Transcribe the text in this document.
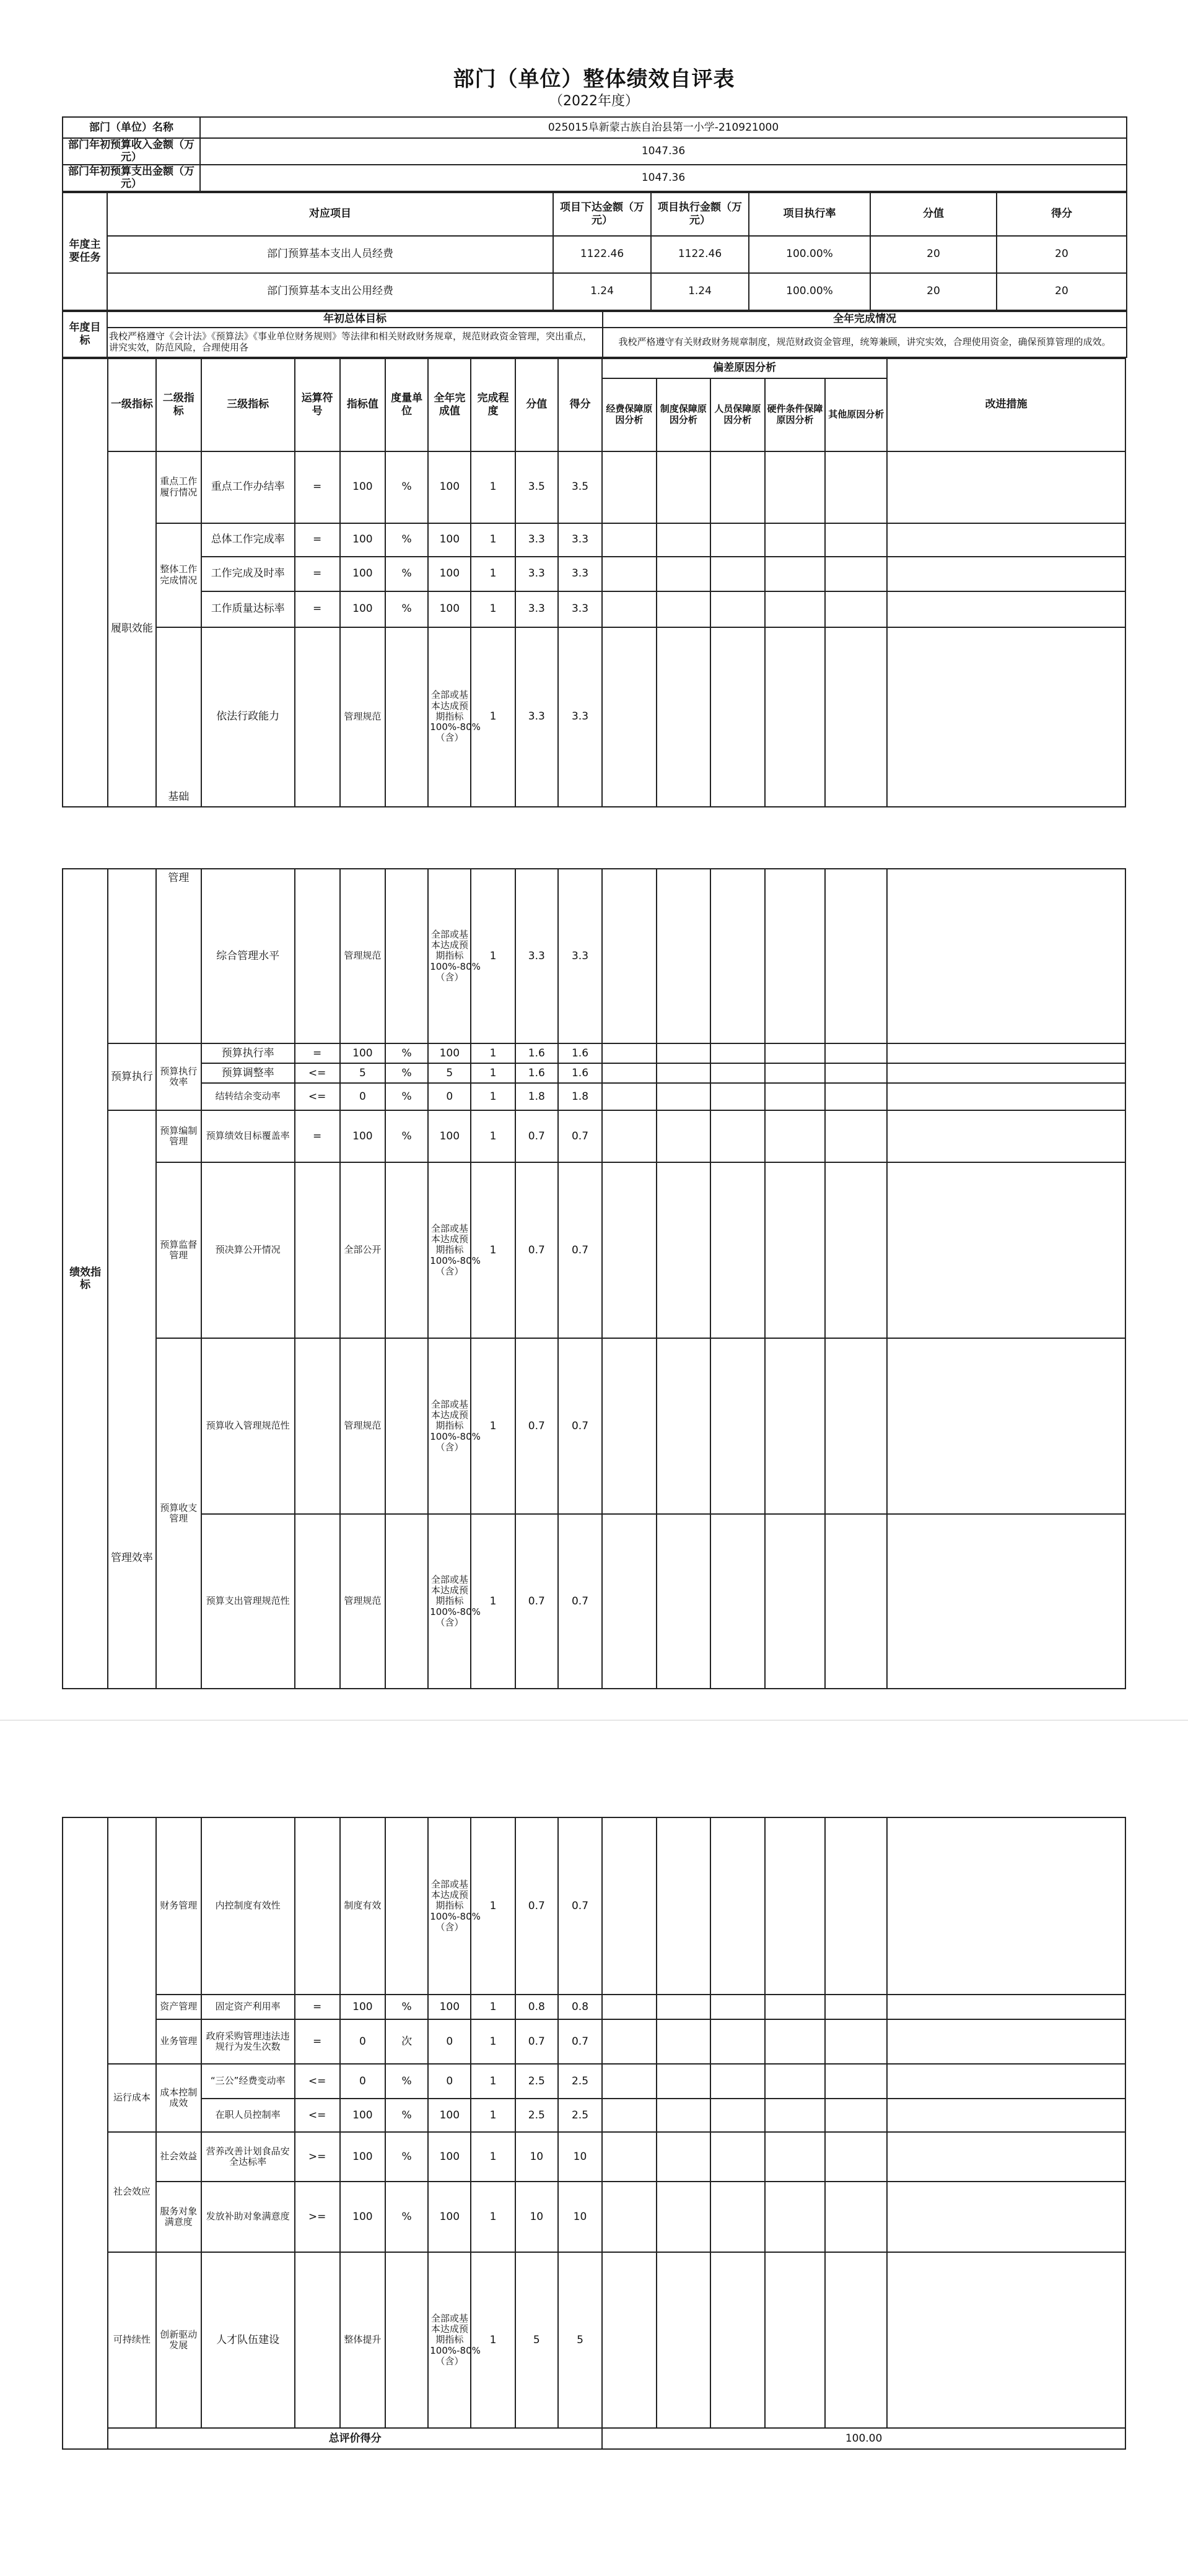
部门（单位）整体绩效自评表
（2022年度）
部门（单位）名称	025015阜新蒙古族自治县第一小学-210921000
部门年初预算收入金额（万元）	1047.36
部门年初预算支出金额（万元）	1047.36
年度主要任务	对应项目	项目下达金额（万元）	项目执行金额（万元）	项目执行率	分值	得分
	部门预算基本支出人员经费	1122.46	1122.46	100.00%	20	20
	部门预算基本支出公用经费	1.24	1.24	100.00%	20	20
年度目标	年初总体目标	全年完成情况
	我校严格遵守《会计法》《预算法》《事业单位财务规则》等法律和相关财政财务规章，规范财政资金管理，突出重点，讲究实效，防范风险，合理使用各	我校严格遵守有关财政财务规章制度，规范财政资金管理，统筹兼顾，讲究实效，合理使用资金，确保预算管理的成效。
	一级指标	二级指标	三级指标	运算符号	指标值	度量单位	全年完成值	完成程度	分值	得分	偏差原因分析					改进措施
											经费保障原因分析	制度保障原因分析	人员保障原因分析	硬件条件保障原因分析	其他原因分析	
	履职效能	重点工作履行情况	重点工作办结率	=	100	%	100	1	3.5	3.5						
		整体工作完成情况	总体工作完成率	=	100	%	100	1	3.3	3.3						
			工作完成及时率	=	100	%	100	1	3.3	3.3						
			工作质量达标率	=	100	%	100	1	3.3	3.3						
		基础	依法行政能力		管理规范		全部或基本达成预期指标100%-80%（含）	1	3.3	3.3						
绩效指标		管理	综合管理水平		管理规范		全部或基本达成预期指标100%-80%（含）	1	3.3	3.3						
	预算执行	预算执行效率	预算执行率	=	100	%	100	1	1.6	1.6						
			预算调整率	<=	5	%	5	1	1.6	1.6						
			结转结余变动率	<=	0	%	0	1	1.8	1.8						
	管理效率	预算编制管理	预算绩效目标覆盖率	=	100	%	100	1	0.7	0.7						
		预算监督管理	预决算公开情况		全部公开		全部或基本达成预期指标100%-80%（含）	1	0.7	0.7						
		预算收支管理	预算收入管理规范性		管理规范		全部或基本达成预期指标100%-80%（含）	1	0.7	0.7						
			预算支出管理规范性		管理规范		全部或基本达成预期指标100%-80%（含）	1	0.7	0.7						
		财务管理	内控制度有效性		制度有效		全部或基本达成预期指标100%-80%（含）	1	0.7	0.7						
		资产管理	固定资产利用率	=	100	%	100	1	0.8	0.8						
		业务管理	政府采购管理违法违规行为发生次数	=	0	次	0	1	0.7	0.7						
	运行成本	成本控制成效	“三公”经费变动率	<=	0	%	0	1	2.5	2.5						
			在职人员控制率	<=	100	%	100	1	2.5	2.5						
	社会效应	社会效益	营养改善计划食品安全达标率	>=	100	%	100	1	10	10						
		服务对象满意度	发放补助对象满意度	>=	100	%	100	1	10	10						
	可持续性	创新驱动发展	人才队伍建设		整体提升		全部或基本达成预期指标100%-80%（含）	1	5	5						
	总评价得分										100.00					
